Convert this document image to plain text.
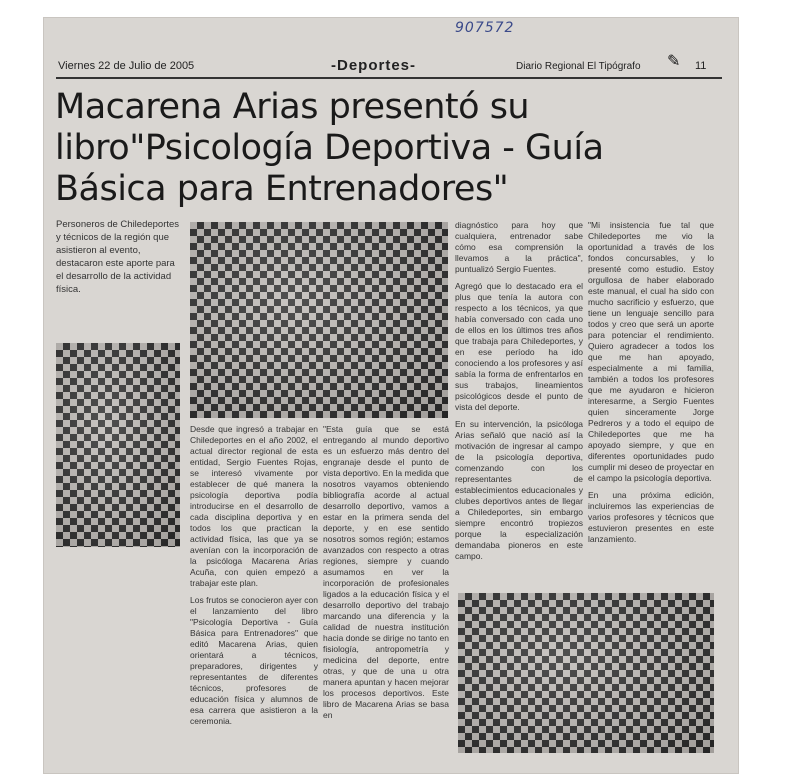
907572
Viernes 22 de Julio de 2005	-Deportes-	Diario Regional El Tipógrafo ✎ 11
Macarena Arias presentó su libro"Psicología Deportiva - Guía Básica para Entrenadores"
Personeros de Chiledeportes y técnicos de la región que asistieron al evento, destacaron este aporte para el desarrollo de la actividad física.

Desde que ingresó a trabajar en Chiledeportes en el año 2002, el actual director regional de esta entidad, Sergio Fuentes Rojas, se interesó vivamente por establecer de qué manera la psicología deportiva podía introducirse en el desarrollo de cada disciplina deportiva y en todos los que practican la actividad física, las que ya se avenían con la incorporación de la psicóloga Macarena Arias Acuña, con quien empezó a trabajar este plan.

Los frutos se conocieron ayer con el lanzamiento del libro "Psicología Deportiva - Guía Básica para Entrenadores" que editó Macarena Arias, quien orientará a técnicos, preparadores, dirigentes y representantes de diferentes técnicos, profesores de educación física y alumnos de esa carrera que asistieron a la ceremonia.

"Esta guía que se está entregando al mundo deportivo es un esfuerzo más dentro del engranaje desde el punto de vista deportivo. En la medida que nosotros vayamos obteniendo bibliografía acorde al actual desarrollo deportivo, vamos a estar en la primera senda del deporte, y en ese sentido nosotros somos región; estamos avanzados con respecto a otras regiones, siempre y cuando asumamos en ver la incorporación de profesionales ligados a la educación física y el desarrollo deportivo del trabajo marcando una diferencia y la calidad de nuestra institución hacia donde se dirige no tanto en fisiología, antropometría y medicina del deporte, entre otras, y que de una u otra manera apuntan y hacen mejorar los procesos deportivos. Este libro de Macarena Arias se basa en

diagnóstico para hoy que cualquiera, entrenador sabe cómo esa comprensión la llevamos a la práctica", puntualizó Sergio Fuentes.

Agregó que lo destacado era el plus que tenía la autora con respecto a los técnicos, ya que había conversado con cada uno de ellos en los últimos tres años que trabaja para Chiledeportes, y en ese período ha ido conociendo a los profesores y así sabía la forma de enfrentarlos en sus trabajos, lineamientos psicológicos desde el punto de vista del deporte.

En su intervención, la psicóloga Arias señaló que nació así la motivación de ingresar al campo de la psicología deportiva, comenzando con los representantes de establecimientos educacionales y clubes deportivos antes de llegar a Chiledeportes, sin embargo siempre encontró tropiezos porque la especialización demandaba pioneros en este campo.

"Mi insistencia fue tal que Chiledeportes me vio la oportunidad a través de los fondos concursables, y lo presenté como estudio. Estoy orgullosa de haber elaborado este manual, el cual ha sido con mucho sacrificio y esfuerzo, que tiene un lenguaje sencillo para todos y creo que será un aporte para potenciar el rendimiento. Quiero agradecer a todos los que me han apoyado, especialmente a mi familia, también a todos los profesores que me ayudaron e hicieron interesarme, a Sergio Fuentes quien sinceramente Jorge Pedreros y a todo el equipo de Chiledeportes que me ha apoyado siempre, y que en diferentes oportunidades pudo cumplir mi deseo de proyectar en el campo la psicología deportiva.

En una próxima edición, incluiremos las experiencias de varios profesores y técnicos que estuvieron presentes en este lanzamiento.
